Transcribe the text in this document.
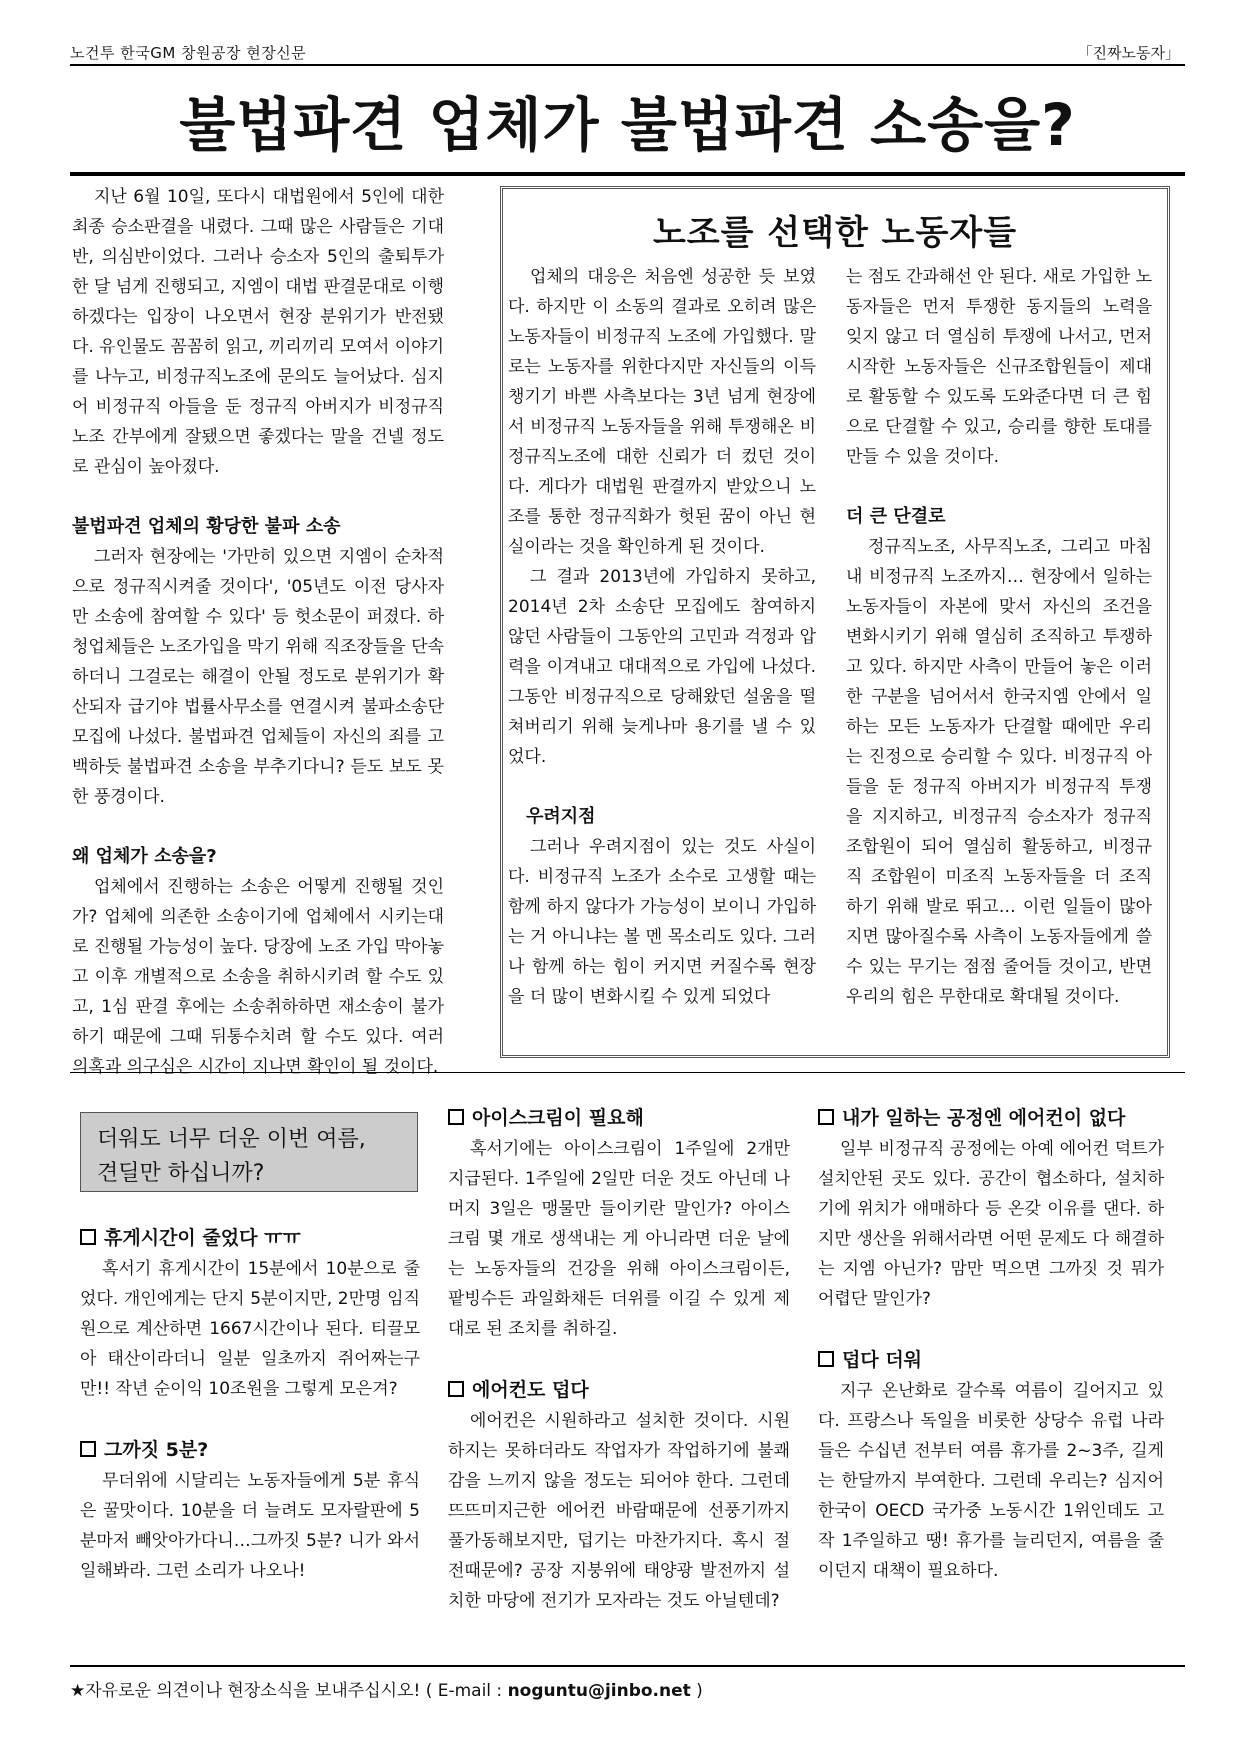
노건투 한국GM 창원공장 현장신문	「진짜노동자」
불법파견 업체가 불법파견 소송을?

지난 6월 10일, 또다시 대법원에서 5인에 대한 최종 승소판결을 내렸다. 그때 많은 사람들은 기대반, 의심반이었다. 그러나 승소자 5인의 출퇴투가 한 달 넘게 진행되고, 지엠이 대법 판결문대로 이행하겠다는 입장이 나오면서 현장 분위기가 반전됐다. 유인물도 꼼꼼히 읽고, 끼리끼리 모여서 이야기를 나누고, 비정규직노조에 문의도 늘어났다. 심지어 비정규직 아들을 둔 정규직 아버지가 비정규직노조 간부에게 잘됐으면 좋겠다는 말을 건넬 정도로 관심이 높아졌다.

불법파견 업체의 황당한 불파 소송

그러자 현장에는 '가만히 있으면 지엠이 순차적으로 정규직시켜줄 것이다', '05년도 이전 당사자만 소송에 참여할 수 있다' 등 헛소문이 퍼졌다. 하청업체들은 노조가입을 막기 위해 직조장들을 단속하더니 그걸로는 해결이 안될 정도로 분위기가 확산되자 급기야 법률사무소를 연결시켜 불파소송단 모집에 나섰다. 불법파견 업체들이 자신의 죄를 고백하듯 불법파견 소송을 부추기다니? 듣도 보도 못한 풍경이다.

왜 업체가 소송을?

업체에서 진행하는 소송은 어떻게 진행될 것인가? 업체에 의존한 소송이기에 업체에서 시키는대로 진행될 가능성이 높다. 당장에 노조 가입 막아놓고 이후 개별적으로 소송을 취하시키려 할 수도 있고, 1심 판결 후에는 소송취하하면 재소송이 불가하기 때문에 그때 뒤통수치려 할 수도 있다. 여러 의혹과 의구심은 시간이 지나면 확인이 될 것이다.

노조를 선택한 노동자들

업체의 대응은 처음엔 성공한 듯 보였다. 하지만 이 소동의 결과로 오히려 많은 노동자들이 비정규직 노조에 가입했다. 말로는 노동자를 위한다지만 자신들의 이득 챙기기 바쁜 사측보다는 3년 넘게 현장에서 비정규직 노동자들을 위해 투쟁해온 비정규직노조에 대한 신뢰가 더 컸던 것이다. 게다가 대법원 판결까지 받았으니 노조를 통한 정규직화가 헛된 꿈이 아닌 현실이라는 것을 확인하게 된 것이다.

그 결과 2013년에 가입하지 못하고, 2014년 2차 소송단 모집에도 참여하지 않던 사람들이 그동안의 고민과 걱정과 압력을 이겨내고 대대적으로 가입에 나섰다. 그동안 비정규직으로 당해왔던 설움을 떨쳐버리기 위해 늦게나마 용기를 낼 수 있었다.

우려지점

그러나 우려지점이 있는 것도 사실이다. 비정규직 노조가 소수로 고생할 때는 함께 하지 않다가 가능성이 보이니 가입하는 거 아니냐는 볼 멘 목소리도 있다. 그러나 함께 하는 힘이 커지면 커질수록 현장을 더 많이 변화시킬 수 있게 되었다

는 점도 간과해선 안 된다. 새로 가입한 노동자들은 먼저 투쟁한 동지들의 노력을 잊지 않고 더 열심히 투쟁에 나서고, 먼저 시작한 노동자들은 신규조합원들이 제대로 활동할 수 있도록 도와준다면 더 큰 힘으로 단결할 수 있고, 승리를 향한 토대를 만들 수 있을 것이다.

더 큰 단결로

정규직노조, 사무직노조, 그리고 마침내 비정규직 노조까지… 현장에서 일하는 노동자들이 자본에 맞서 자신의 조건을 변화시키기 위해 열심히 조직하고 투쟁하고 있다. 하지만 사측이 만들어 놓은 이러한 구분을 넘어서서 한국지엠 안에서 일하는 모든 노동자가 단결할 때에만 우리는 진정으로 승리할 수 있다. 비정규직 아들을 둔 정규직 아버지가 비정규직 투쟁을 지지하고, 비정규직 승소자가 정규직 조합원이 되어 열심히 활동하고, 비정규직 조합원이 미조직 노동자들을 더 조직하기 위해 발로 뛰고… 이런 일들이 많아지면 많아질수록 사측이 노동자들에게 쓸 수 있는 무기는 점점 줄어들 것이고, 반면 우리의 힘은 무한대로 확대될 것이다.

더워도 너무 더운 이번 여름,
견딜만 하십니까?
휴게시간이 줄었다 ㅠㅠ

혹서기 휴게시간이 15분에서 10분으로 줄었다. 개인에게는 단지 5분이지만, 2만명 임직원으로 계산하면 1667시간이나 된다. 티끌모아 태산이라더니 일분 일초까지 쥐어짜는구만!! 작년 순이익 10조원을 그렇게 모은겨?

그까짓 5분?

무더위에 시달리는 노동자들에게 5분 휴식은 꿀맛이다. 10분을 더 늘려도 모자랄판에 5분마저 빼앗아가다니…그까짓 5분? 니가 와서 일해봐라. 그런 소리가 나오나!

아이스크림이 필요해

혹서기에는 아이스크림이 1주일에 2개만 지급된다. 1주일에 2일만 더운 것도 아닌데 나머지 3일은 맹물만 들이키란 말인가? 아이스크림 몇 개로 생색내는 게 아니라면 더운 날에는 노동자들의 건강을 위해 아이스크림이든, 팥빙수든 과일화채든 더위를 이길 수 있게 제대로 된 조치를 취하길.

에어컨도 덥다

에어컨은 시원하라고 설치한 것이다. 시원하지는 못하더라도 작업자가 작업하기에 불쾌감을 느끼지 않을 정도는 되어야 한다. 그런데 뜨뜨미지근한 에어컨 바람때문에 선풍기까지 풀가동해보지만, 덥기는 마찬가지다. 혹시 절전때문에? 공장 지붕위에 태양광 발전까지 설치한 마당에 전기가 모자라는 것도 아닐텐데?

내가 일하는 공정엔 에어컨이 없다

일부 비정규직 공정에는 아예 에어컨 덕트가 설치안된 곳도 있다. 공간이 협소하다, 설치하기에 위치가 애매하다 등 온갖 이유를 댄다. 하지만 생산을 위해서라면 어떤 문제도 다 해결하는 지엠 아닌가? 맘만 먹으면 그까짓 것 뭐가 어렵단 말인가?

덥다 더워

지구 온난화로 갈수록 여름이 길어지고 있다. 프랑스나 독일을 비롯한 상당수 유럽 나라들은 수십년 전부터 여름 휴가를 2~3주, 길게는 한달까지 부여한다. 그런데 우리는? 심지어 한국이 OECD 국가중 노동시간 1위인데도 고작 1주일하고 땡! 휴가를 늘리던지, 여름을 줄이던지 대책이 필요하다.

★자유로운 의견이나 현장소식을 보내주십시오! ( E-mail : noguntu@jinbo.net )
